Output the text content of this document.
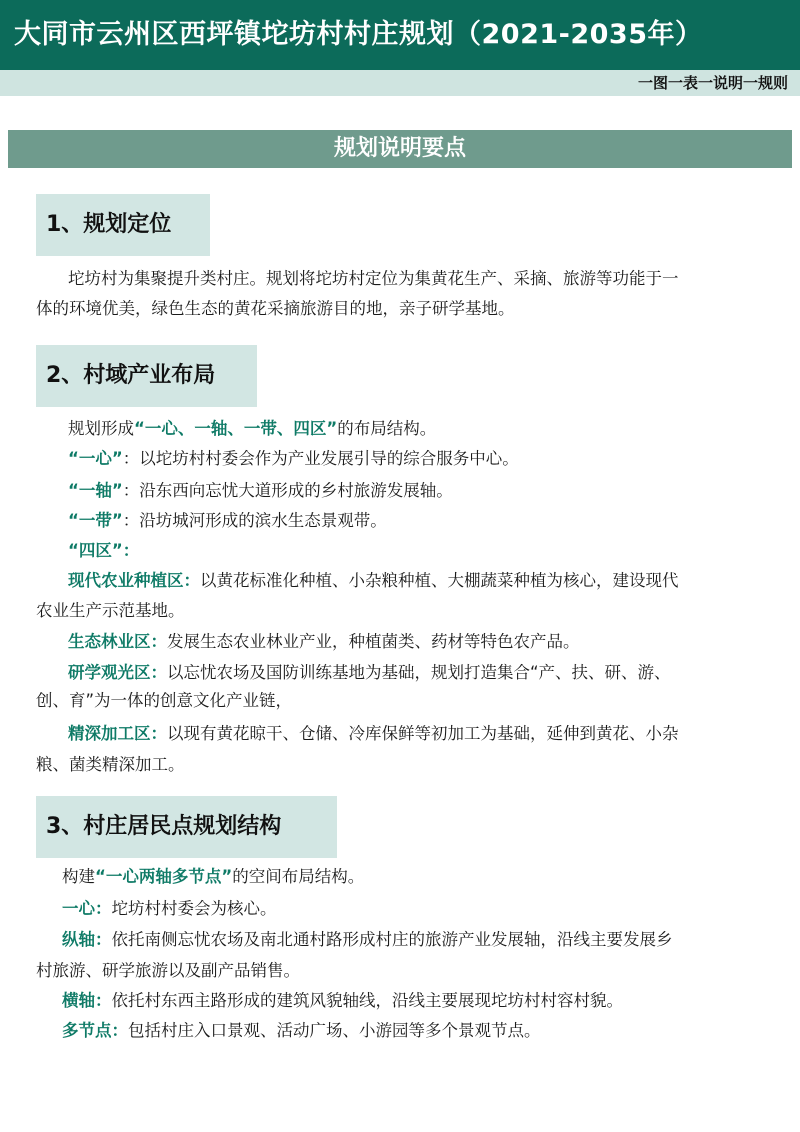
大同市云州区西坪镇坨坊村村庄规划（2021-2035年）
一图一表一说明一规则
规划说明要点
1、规划定位

坨坊村为集聚提升类村庄。规划将坨坊村定位为集黄花生产、采摘、旅游等功能于一

体的环境优美，绿色生态的黄花采摘旅游目的地，亲子研学基地。

2、村域产业布局

规划形成“一心、一轴、一带、四区”的布局结构。

“一心”：以坨坊村村委会作为产业发展引导的综合服务中心。

“一轴”：沿东西向忘忧大道形成的乡村旅游发展轴。

“一带”：沿坊城河形成的滨水生态景观带。

“四区”：

现代农业种植区：以黄花标准化种植、小杂粮种植、大棚蔬菜种植为核心，建设现代

农业生产示范基地。

生态林业区：发展生态农业林业产业，种植菌类、药材等特色农产品。

研学观光区：以忘忧农场及国防训练基地为基础，规划打造集合“产、扶、研、游、

创、育”为一体的创意文化产业链，

精深加工区：以现有黄花晾干、仓储、冷库保鲜等初加工为基础，延伸到黄花、小杂

粮、菌类精深加工。

3、村庄居民点规划结构

构建“一心两轴多节点”的空间布局结构。

一心：坨坊村村委会为核心。

纵轴：依托南侧忘忧农场及南北通村路形成村庄的旅游产业发展轴，沿线主要发展乡

村旅游、研学旅游以及副产品销售。

横轴：依托村东西主路形成的建筑风貌轴线，沿线主要展现坨坊村村容村貌。

多节点：包括村庄入口景观、活动广场、小游园等多个景观节点。
